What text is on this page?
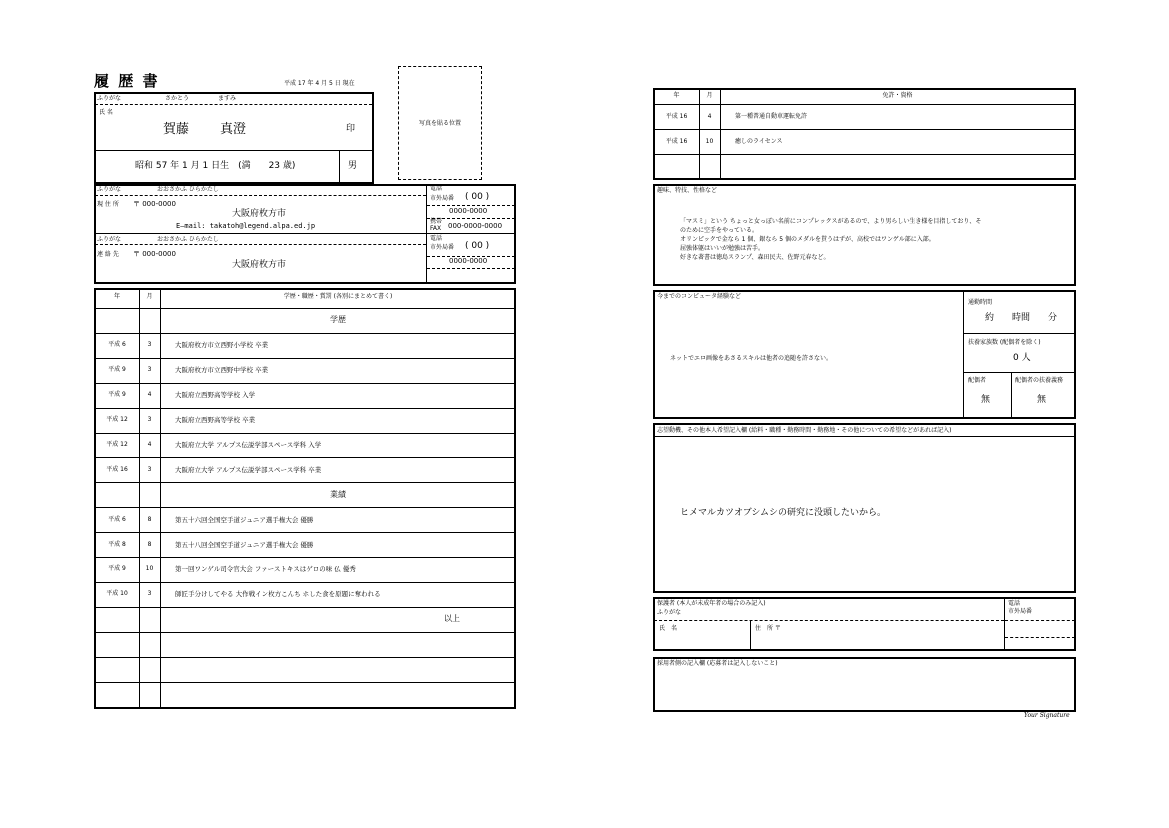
履 歴 書	平成 17 年 4 月 5 日 現在
写真を貼る位置
ふりがな	さかとう	ますみ
氏 名
賀藤 真澄	印
昭和 57 年 1 月 1 日生　(満　　23 歳)	男
ふりがな	おおさかふ ひらかたし
現 住 所 〒 000-0000
大阪府枚方市
E—mail: takatoh@legend.alpa.ed.jp
電話
市外局番 ( 00 )
0000-0000
携帯
FAX 000-0000-0000
ふりがな	おおさかふ ひらかたし
連 絡 先 〒 000-0000
大阪府枚方市
電話
市外局番 ( 00 )
0000-0000
年	月	学歴・職歴・賞罰 (各別にまとめて書く)
学歴
平成 6	3	大阪府枚方市立西野小学校 卒業
平成 9	3	大阪府枚方市立西野中学校 卒業
平成 9	4	大阪府立西野高等学校 入学
平成 12	3	大阪府立西野高等学校 卒業
平成 12	4	大阪府立大学 アルプス伝説学部スペース学科 入学
平成 16	3	大阪府立大学 アルプス伝説学部スペース学科 卒業
業績
平成 6	8	第五十六回全国空手道ジュニア選手権大会 優勝
平成 8	8	第五十八回全国空手道ジュニア選手権大会 優勝
平成 9	10	第一回ワンゲル司令官大会 ファーストキスはゲロの味 仏 優秀
平成 10	3	師匠手分けしてやる 大作戦イン枚方こんち ホした食を原題に奪われる
以上
年	月	免許・資格
平成 16	4	第一種普通自動車運転免許
平成 16	10	癒しのライセンス
趣味、特技、性格など
「マスミ」という ちょっと女っぽい名前にコンプレックスがあるので、より男らしい生き様を目指しており、そ
のために空手をやっている。
オリンピックで金なら 1 個、銀なら 5 個のメダルを貰うはずが、高校ではワンゲル部に入部。
屈強体躯はいいが勉強は苦手。
好きな著書は徳島スランプ、森田民夫、佐野元春など。
今までのコンピュータ経験など
ネットでエロ画像をあさるスキルは他者の追随を許さない。
通勤時間
約　　時間　　分
扶養家族数 (配偶者を除く)
0 人
配偶者
無
配偶者の扶養義務
無
志望動機、その他本人希望記入欄 (給料・職種・勤務時間・勤務地・その他についての希望などがあれば記入)
ヒメマルカツオブシムシの研究に没頭したいから。
保護者 (本人が未成年者の場合のみ記入)
ふりがな
氏　名	住　所 〒
電話
市外局番
採用者側の記入欄 (応募者は記入しないこと)
Your Signature
